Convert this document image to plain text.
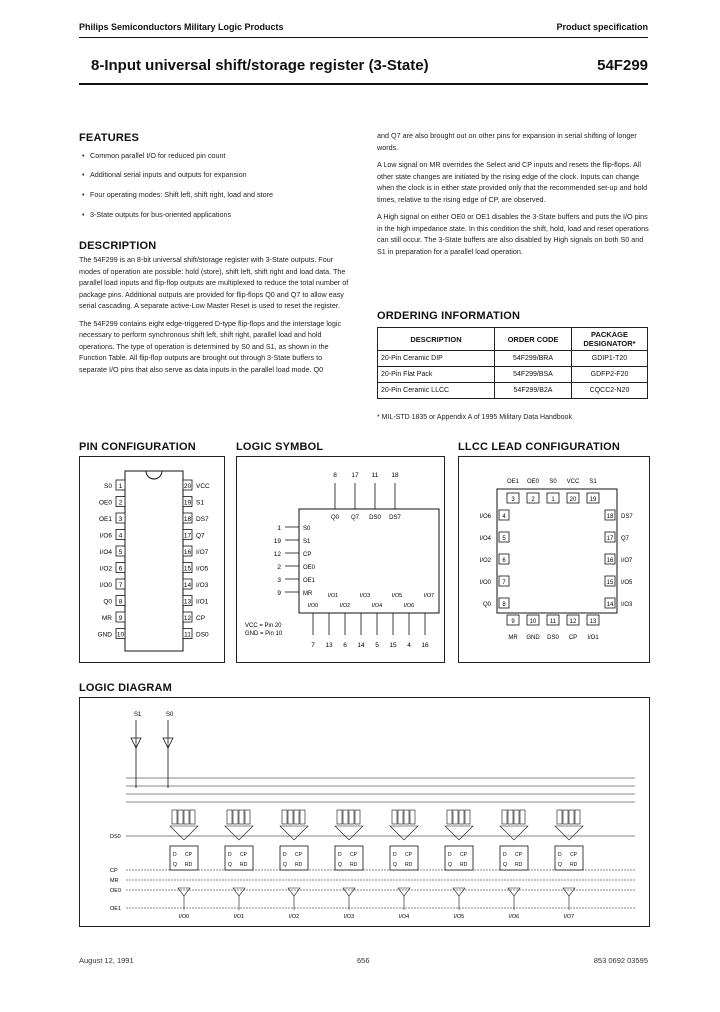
Philips Semiconductors Military Logic Products	Product specification
8-Input universal shift/storage register (3-State)	54F299
FEATURES
• Common parallel I/O for reduced pin count
• Additional serial inputs and outputs for expansion
• Four operating modes: Shift left, shift right, load and store
• 3-State outputs for bus-oriented applications
DESCRIPTION

The 54F299 is an 8-bit universal shift/storage register with 3-State outputs. Four modes of operation are possible: hold (store), shift left, shift right and load data. The parallel load inputs and flip-flop outputs are multiplexed to reduce the total number of package pins. Additional outputs are provided for flip-flops Q0 and Q7 to allow easy serial cascading. A separate active-Low Master Reset is used to reset the register.

The 54F299 contains eight edge-triggered D-type flip-flops and the interstage logic necessary to perform synchronous shift left, shift right, parallel load and hold operations. The type of operation is determined by S0 and S1, as shown in the Function Table. All flip-flop outputs are brought out through 3-State buffers to separate I/O pins that also serve as data inputs in the parallel load mode. Q0

and Q7 are also brought out on other pins for expansion in serial shifting of longer words.

A Low signal on MR overrides the Select and CP inputs and resets the flip-flops. All other state changes are initiated by the rising edge of the clock. Inputs can change when the clock is in either state provided only that the recommended set-up and hold times, relative to the rising edge of CP, are observed.

A High signal on either OE0 or OE1 disables the 3-State buffers and puts the I/O pins in the high impedance state. In this condition the shift, hold, load and reset operations can still occur. The 3-State buffers are also disabled by High signals on both S0 and S1 in preparation for a parallel load operation.

ORDERING INFORMATION
DESCRIPTION	ORDER CODE	PACKAGE DESIGNATOR*
20-Pin Ceramic DIP	54F299/BRA	GDIP1-T20
20-Pin Flat Pack	54F299/BSA	GDFP2-F20
20-Pin Ceramic LLCC	54F299/B2A	CQCC2-N20
* MIL-STD 1835 or Appendix A of 1995 Military Data Handbook
PIN CONFIGURATION	LOGIC SYMBOL	LLCC LEAD CONFIGURATION
1
S0
2
OE0
3
OE1
4
I/O6
5
I/O4
6
I/O2
7
I/O0
8
Q0
9
MR
10
GND
20 VCC
19 S1
18 DS7
17 Q7
16 I/O7
15 I/O5
14 I/O3
13 I/O1
12 CP
11 DS0
8
Q0
17
Q7
11
DS0
18
DS7
1	S0
19	S1
12	CP
2	OE0
3	OE1
9	MR	I/O1	I/O3	I/O5	I/O7
I/O0	I/O2	I/O4	I/O6
7 13 6 14 5 15 4 16
VCC = Pin 20
GND = Pin 10
OE1
3
OE0
2
S0
1
VCC
20
S1
19
I/O6 4
I/O4 5
I/O2 6
I/O0 7
Q0 8
18 DS7
17 Q7
16 I/O7
15 I/O5
14 I/O3
9
MR
10
GND
11
DS0
12
CP
13
I/O1
LOGIC DIAGRAM
S1	S0
DS0
CP
MR
OE0
OE1
D CP
Q RD
I/O0
D CP
Q RD
I/O1
D CP
Q RD
I/O2
D CP
Q RD
I/O3
D CP
Q RD
I/O4
D CP
Q RD
I/O5
D CP
Q RD
I/O6
D CP
Q RD
I/O7
August 12, 1991	656	853 0692 03595
